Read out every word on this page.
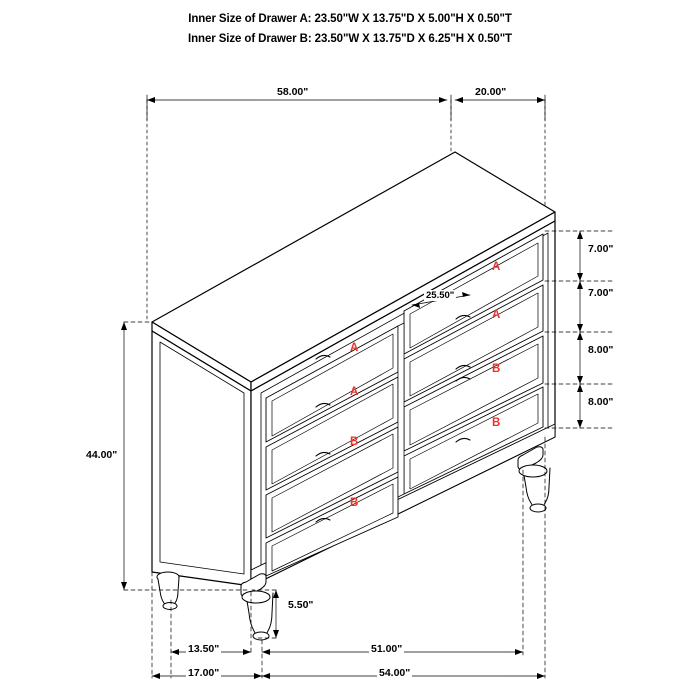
Inner Size of Drawer A: 23.50"W X 13.75"D X 5.00"H X 0.50"T
Inner Size of Drawer B: 23.50"W X 13.75"D X 6.25"H X 0.50"T
58.00"	20.00"
7.00"
7.00"
8.00"
8.00"
25.50"
44.00"
5.50"
13.50"	51.00"
17.00"	54.00"
A
A
B
B
A
A
B
B
